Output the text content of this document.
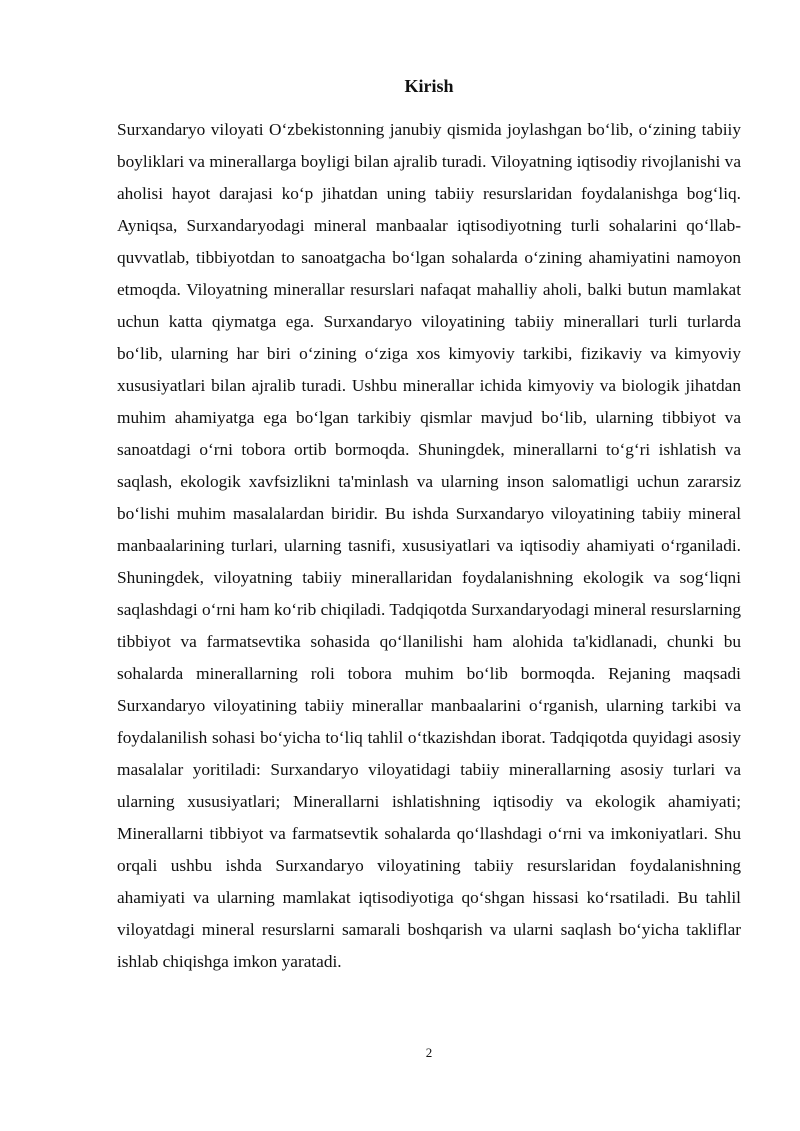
Kirish

Surxandaryo viloyati O‘zbekistonning janubiy qismida joylashgan bo‘lib, o‘zining tabiiy boyliklari va minerallarga boyligi bilan ajralib turadi. Viloyatning iqtisodiy rivojlanishi va aholisi hayot darajasi ko‘p jihatdan uning tabiiy resurslaridan foydalanishga bog‘liq. Ayniqsa, Surxandaryodagi mineral manbaalar iqtisodiyotning turli sohalarini qo‘llab-quvvatlab, tibbiyotdan to sanoatgacha bo‘lgan sohalarda o‘zining ahamiyatini namoyon etmoqda. Viloyatning minerallar resurslari nafaqat mahalliy aholi, balki butun mamlakat uchun katta qiymatga ega. Surxandaryo viloyatining tabiiy minerallari turli turlarda bo‘lib, ularning har biri o‘zining o‘ziga xos kimyoviy tarkibi, fizikaviy va kimyoviy xususiyatlari bilan ajralib turadi. Ushbu minerallar ichida kimyoviy va biologik jihatdan muhim ahamiyatga ega bo‘lgan tarkibiy qismlar mavjud bo‘lib, ularning tibbiyot va sanoatdagi o‘rni tobora ortib bormoqda. Shuningdek, minerallarni to‘g‘ri ishlatish va saqlash, ekologik xavfsizlikni ta'minlash va ularning inson salomatligi uchun zararsiz bo‘lishi muhim masalalardan biridir. Bu ishda Surxandaryo viloyatining tabiiy mineral manbaalarining turlari, ularning tasnifi, xususiyatlari va iqtisodiy ahamiyati o‘rganiladi. Shuningdek, viloyatning tabiiy minerallaridan foydalanishning ekologik va sog‘liqni saqlashdagi o‘rni ham ko‘rib chiqiladi. Tadqiqotda Surxandaryodagi mineral resurslarning tibbiyot va farmatsevtika sohasida qo‘llanilishi ham alohida ta'kidlanadi, chunki bu sohalarda minerallarning roli tobora muhim bo‘lib bormoqda. Rejaning maqsadi Surxandaryo viloyatining tabiiy minerallar manbaalarini o‘rganish, ularning tarkibi va foydalanilish sohasi bo‘yicha to‘liq tahlil o‘tkazishdan iborat. Tadqiqotda quyidagi asosiy masalalar yoritiladi: Surxandaryo viloyatidagi tabiiy minerallarning asosiy turlari va ularning xususiyatlari; Minerallarni ishlatishning iqtisodiy va ekologik ahamiyati; Minerallarni tibbiyot va farmatsevtik sohalarda qo‘llashdagi o‘rni va imkoniyatlari. Shu orqali ushbu ishda Surxandaryo viloyatining tabiiy resurslaridan foydalanishning ahamiyati va ularning mamlakat iqtisodiyotiga qo‘shgan hissasi ko‘rsatiladi. Bu tahlil viloyatdagi mineral resurslarni samarali boshqarish va ularni saqlash bo‘yicha takliflar ishlab chiqishga imkon yaratadi.

2
